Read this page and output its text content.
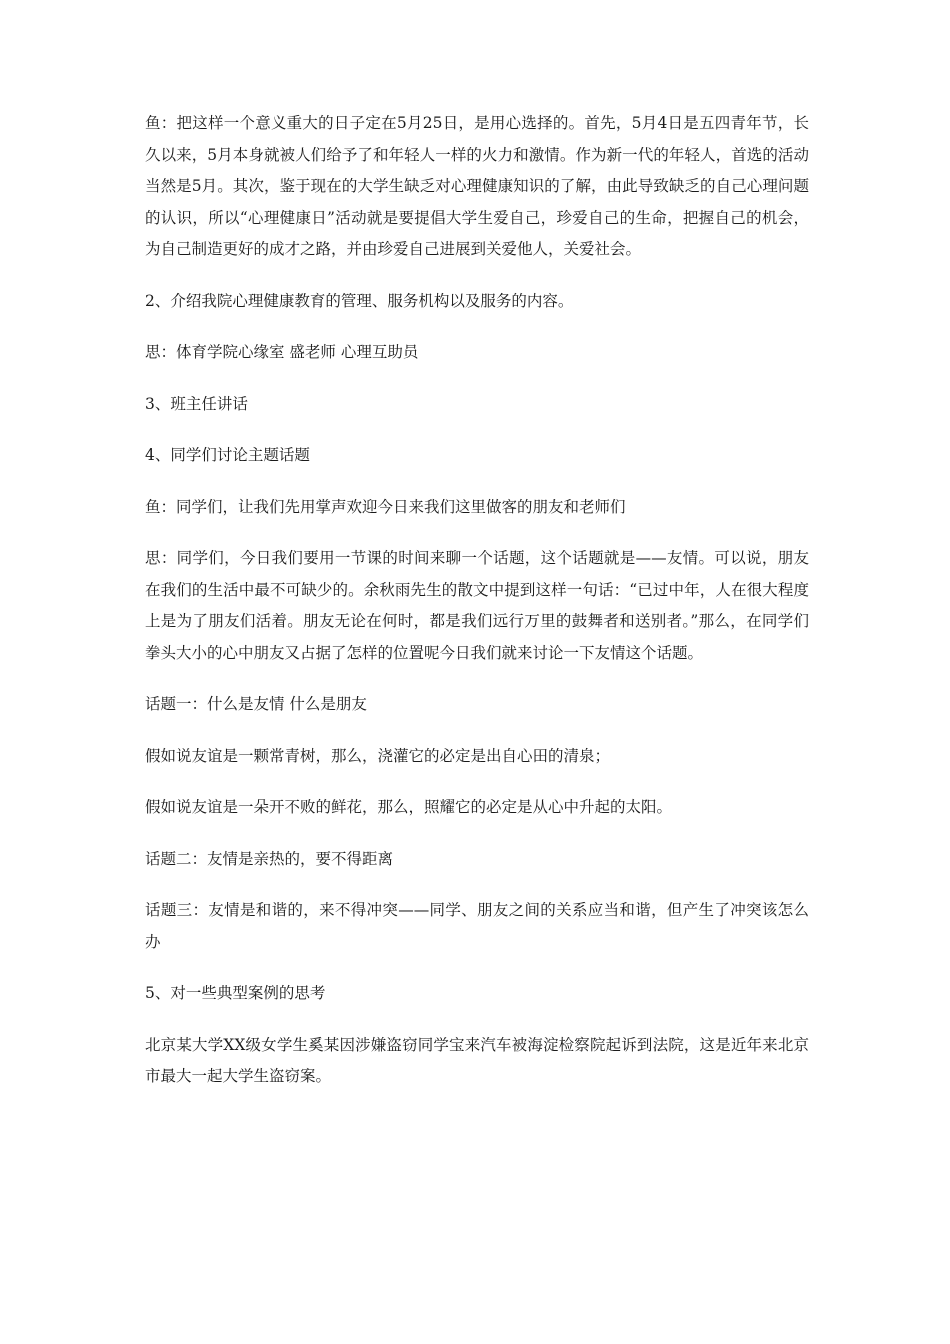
鱼：把这样一个意义重大的日子定在5月25日，是用心选择的。首先，5月4日是五四青年节，长久以来，5月本身就被人们给予了和年轻人一样的火力和激情。作为新一代的年轻人，首选的活动当然是5月。其次，鉴于现在的大学生缺乏对心理健康知识的了解，由此导致缺乏的自己心理问题的认识，所以“心理健康日”活动就是要提倡大学生爱自己，珍爱自己的生命，把握自己的机会，为自己制造更好的成才之路，并由珍爱自己进展到关爱他人，关爱社会。

2、介绍我院心理健康教育的管理、服务机构以及服务的内容。

思：体育学院心缘室 盛老师 心理互助员

3、班主任讲话

4、同学们讨论主题话题

鱼：同学们，让我们先用掌声欢迎今日来我们这里做客的朋友和老师们

思：同学们，今日我们要用一节课的时间来聊一个话题，这个话题就是——友情。可以说，朋友在我们的生活中最不可缺少的。余秋雨先生的散文中提到这样一句话：“已过中年，人在很大程度上是为了朋友们活着。朋友无论在何时，都是我们远行万里的鼓舞者和送别者。”那么，在同学们拳头大小的心中朋友又占据了怎样的位置呢今日我们就来讨论一下友情这个话题。

话题一：什么是友情 什么是朋友

假如说友谊是一颗常青树，那么，浇灌它的必定是出自心田的清泉；

假如说友谊是一朵开不败的鲜花，那么，照耀它的必定是从心中升起的太阳。

话题二：友情是亲热的，要不得距离

话题三：友情是和谐的，来不得冲突——同学、朋友之间的关系应当和谐，但产生了冲突该怎么办

5、对一些典型案例的思考

北京某大学XX级女学生奚某因涉嫌盗窃同学宝来汽车被海淀检察院起诉到法院，这是近年来北京市最大一起大学生盗窃案。
